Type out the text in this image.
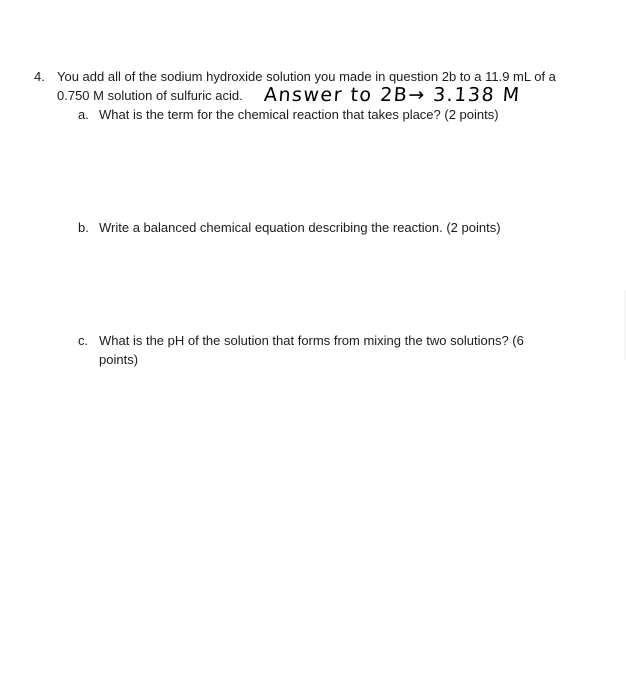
4. You add all of the sodium hydroxide solution you made in question 2b to a 11.9 mL of a
0.750 M solution of sulfuric acid. Answer to 2B→ 3.138 M
a. What is the term for the chemical reaction that takes place? (2 points)
b. Write a balanced chemical equation describing the reaction. (2 points)
c. What is the pH of the solution that forms from mixing the two solutions? (6
points)
